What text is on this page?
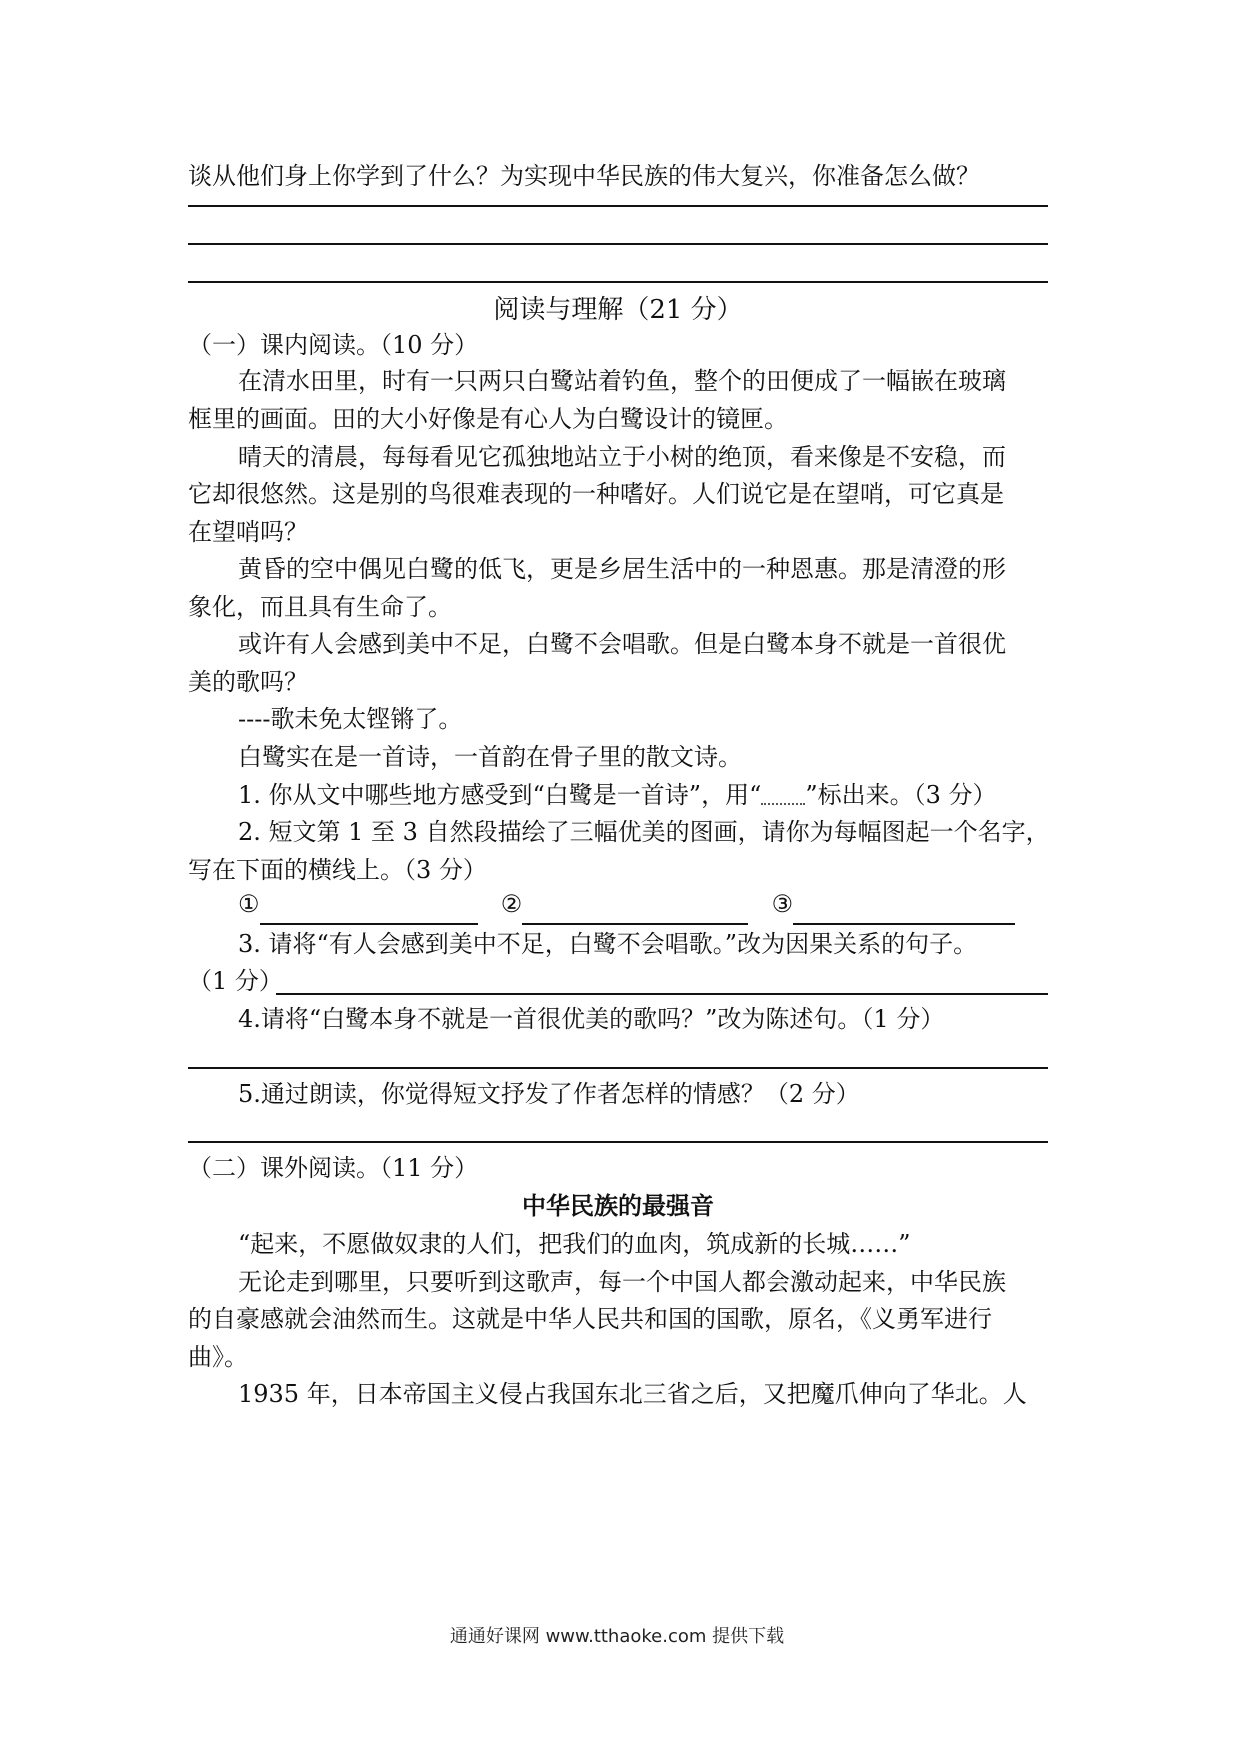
谈从他们身上你学到了什么？为实现中华民族的伟大复兴，你准备怎么做？
阅读与理解（21 分）
（一）课内阅读。（10 分）
在清水田里，时有一只两只白鹭站着钓鱼，整个的田便成了一幅嵌在玻璃
框里的画面。田的大小好像是有心人为白鹭设计的镜匣。
晴天的清晨，每每看见它孤独地站立于小树的绝顶，看来像是不安稳，而
它却很悠然。这是别的鸟很难表现的一种嗜好。人们说它是在望哨，可它真是
在望哨吗？
黄昏的空中偶见白鹭的低飞，更是乡居生活中的一种恩惠。那是清澄的形
象化，而且具有生命了。
或许有人会感到美中不足，白鹭不会唱歌。但是白鹭本身不就是一首很优
美的歌吗？
----歌未免太铿锵了。
白鹭实在是一首诗，一首韵在骨子里的散文诗。
1. 你从文中哪些地方感受到“白鹭是一首诗”，用“ ”标出来。（3 分）
2. 短文第 1 至 3 自然段描绘了三幅优美的图画，请你为每幅图起一个名字，
写在下面的横线上。（3 分）
①	②	③
3. 请将“有人会感到美中不足，白鹭不会唱歌。”改为因果关系的句子。
（1 分）
4.请将“白鹭本身不就是一首很优美的歌吗？”改为陈述句。（1 分）
5.通过朗读，你觉得短文抒发了作者怎样的情感？（2 分）
（二）课外阅读。（11 分）
中华民族的最强音
“起来，不愿做奴隶的人们，把我们的血肉，筑成新的长城……”
无论走到哪里，只要听到这歌声，每一个中国人都会激动起来，中华民族
的自豪感就会油然而生。这就是中华人民共和国的国歌，原名，《义勇军进行
曲》。
1935 年，日本帝国主义侵占我国东北三省之后，又把魔爪伸向了华北。人
通通好课网 www.tthaoke.com 提供下载
